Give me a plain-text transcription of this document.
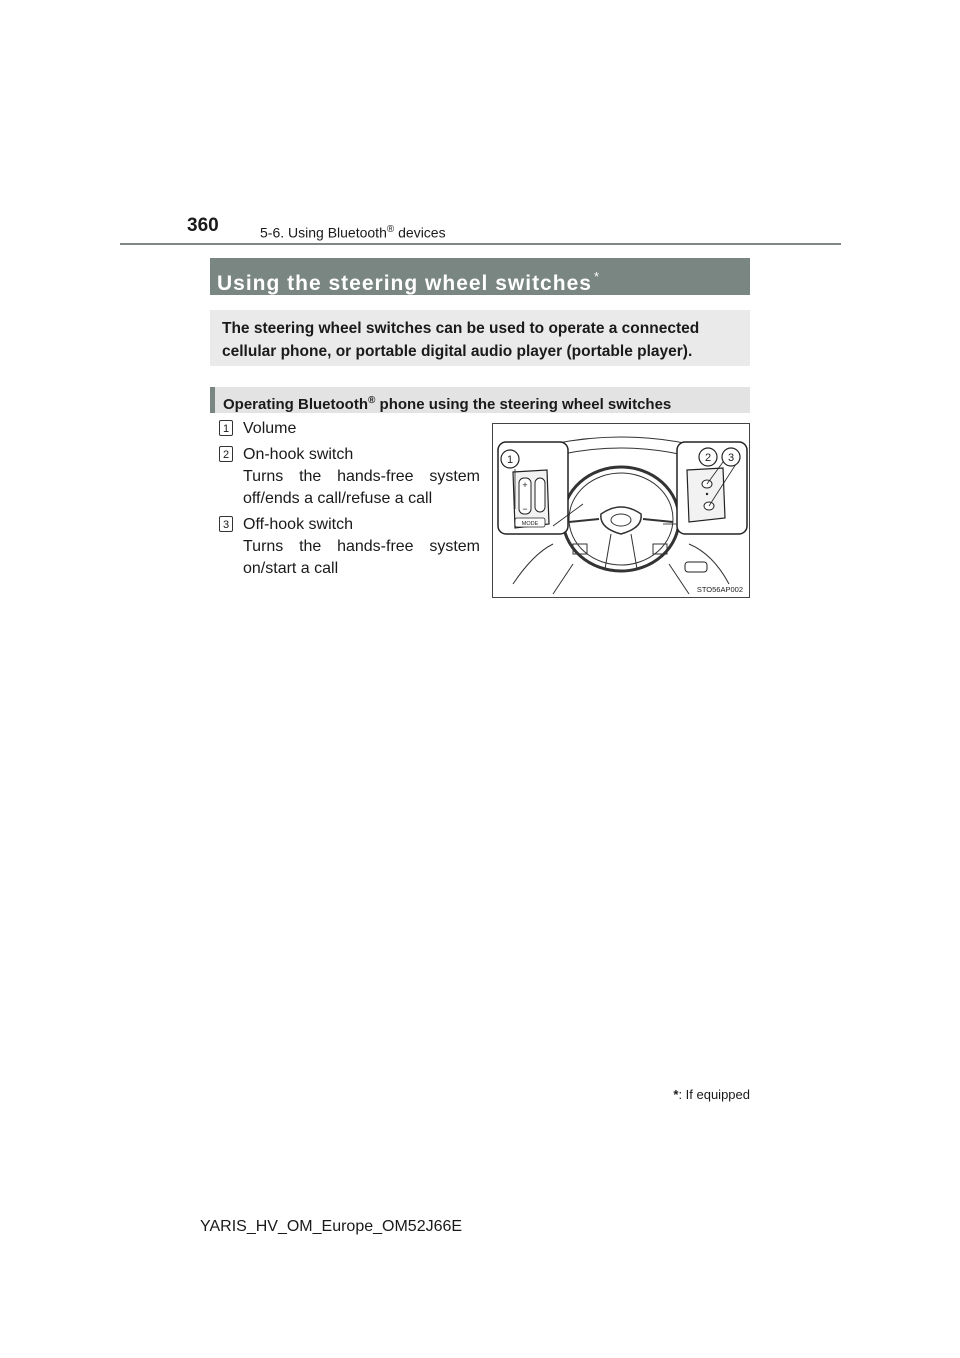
360	5-6. Using Bluetooth® devices
Using the steering wheel switches *
The steering wheel switches can be used to operate a connected cellular phone, or portable digital audio player (portable player).
Operating Bluetooth® phone using the steering wheel switches
1 Volume
2 On-hook switch
Turns the hands-free system off/ends a call/refuse a call
3 Off-hook switch
Turns the hands-free system on/start a call
+
−
MODE
1	2 3
STO56AP002
*: If equipped
YARIS_HV_OM_Europe_OM52J66E
